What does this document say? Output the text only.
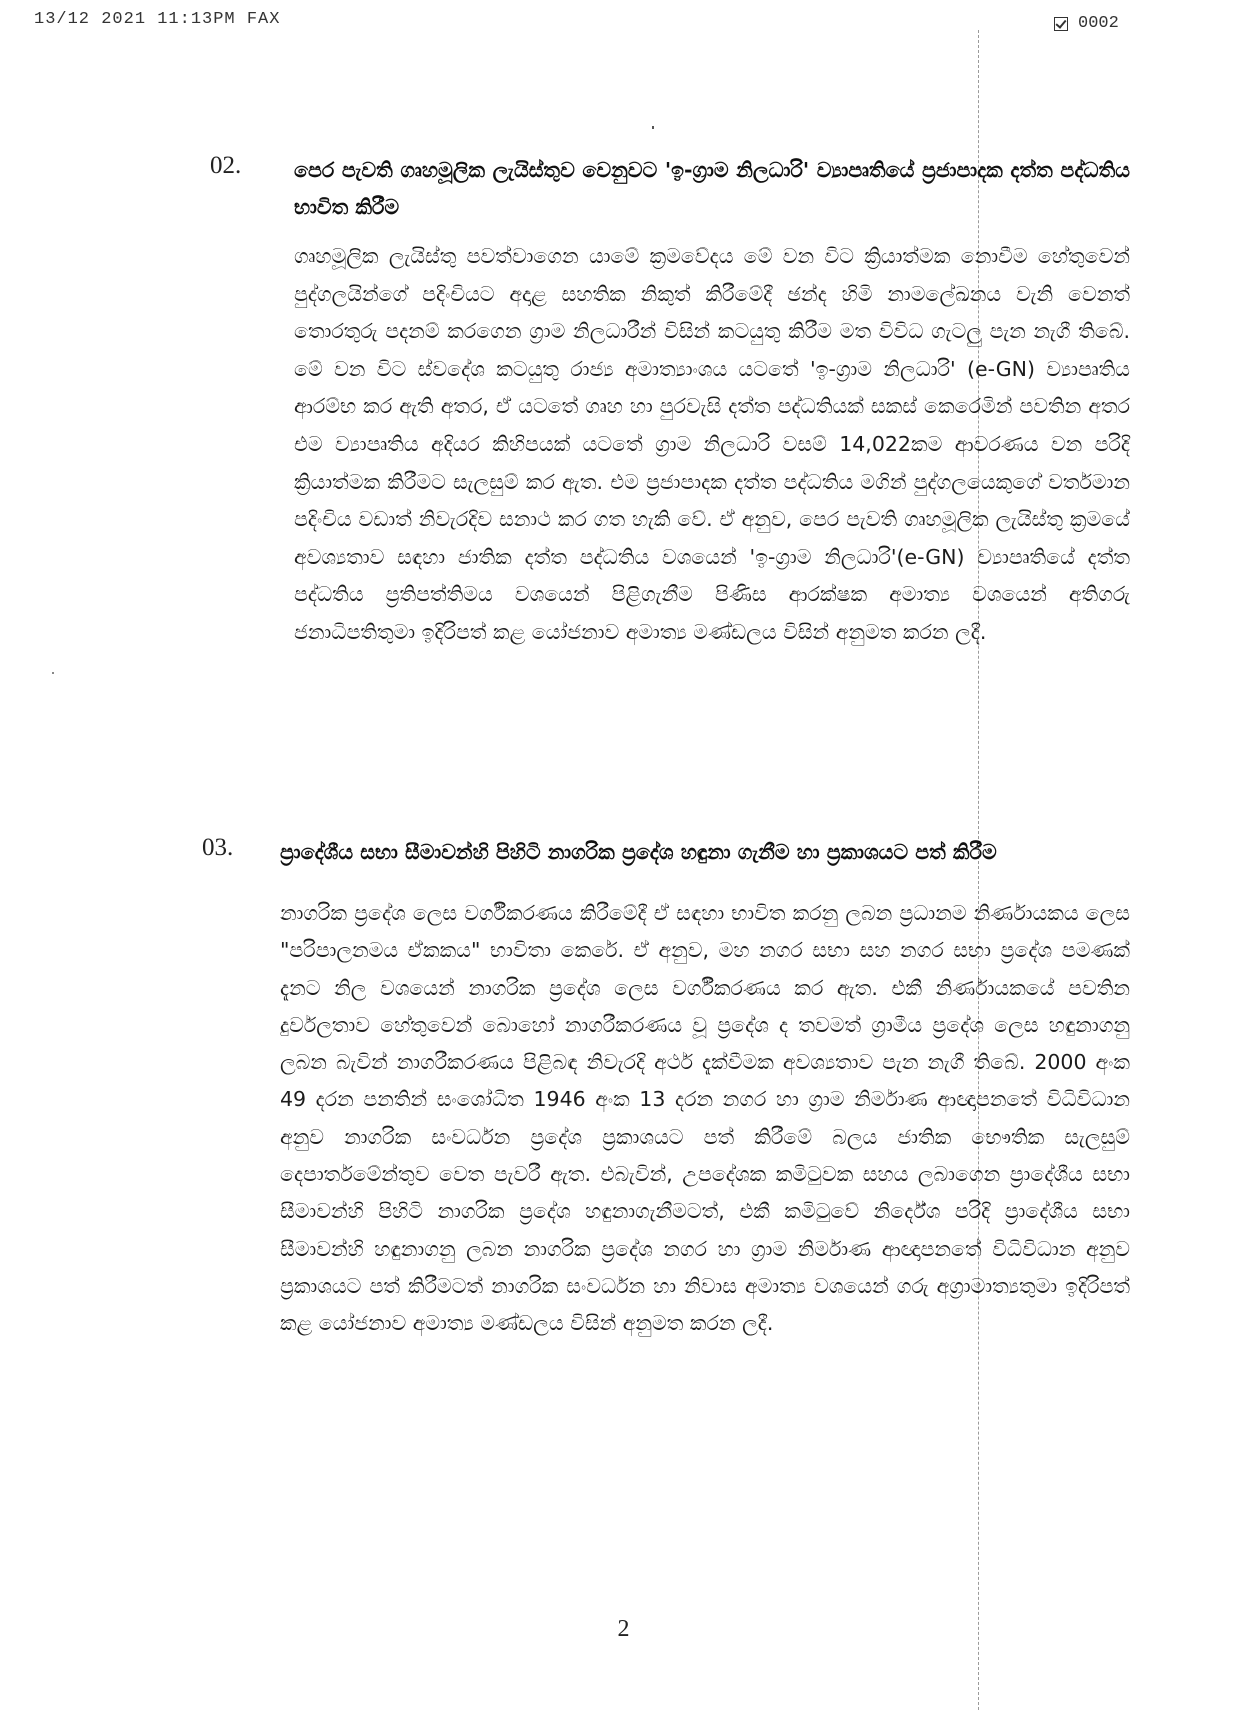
13/12 2021 11:13PM FAX	0002
02.	පෙර පැවති ගෘහමූලික ලැයිස්තුව වෙනුවට 'ඉ-ග්‍රාම නිලධාරි' ව්‍යාපෘතියේ ප්‍රජාපාදක දත්ත පද්ධතිය භාවිත කිරීම
ගෘහමූලික ලැයිස්තු පවත්වාගෙන යාමේ ක්‍රමවේදය මේ වන විට ක්‍රියාත්මක නොවීම හේතුවෙන් පුද්ගලයින්ගේ පදිංචියට අදාළ සහතික නිකුත් කිරීමේදී ඡන්ද හිමි නාමලේඛනය වැනි වෙනත් තොරතුරු පදනම් කරගෙන ග්‍රාම නිලධාරීන් විසින් කටයුතු කිරීම මත විවිධ ගැටලු පැන නැගී තිබේ. මේ වන විට ස්වදේශ කටයුතු රාජ්‍ය අමාත්‍යාංශය යටතේ 'ඉ-ග්‍රාම නිලධාරි' (e-GN) ව්‍යාපෘතිය ආරම්භ කර ඇති අතර, ඒ යටතේ ගෘහ හා පුරවැසි දත්ත පද්ධතියක් සකස් කෙරෙමින් පවතින අතර එම ව්‍යාපෘතිය අදියර කිහිපයක් යටතේ ග්‍රාම නිලධාරි වසම් 14,022කම ආවරණය වන පරිදි ක්‍රියාත්මක කිරීමට සැලසුම් කර ඇත. එම ප්‍රජාපාදක දත්ත පද්ධතිය මගින් පුද්ගලයෙකුගේ වර්තමාන පදිංචිය වඩාත් නිවැරදිව සනාථ කර ගත හැකි වේ. ඒ අනුව, පෙර පැවති ගෘහමූලික ලැයිස්තු ක්‍රමයේ අවශ්‍යතාව සඳහා ජාතික දත්ත පද්ධතිය වශයෙන් 'ඉ-ග්‍රාම නිලධාරි'(e-GN) ව්‍යාපෘතියේ දත්ත පද්ධතිය ප්‍රතිපත්තිමය වශයෙන් පිළිගැනීම පිණිස ආරක්ෂක අමාත්‍ය වශයෙන් අතිගරු ජනාධිපතිතුමා ඉදිරිපත් කළ යෝජනාව අමාත්‍ය මණ්ඩලය විසින් අනුමත කරන ලදී.
03. ප්‍රාදේශීය සභා සීමාවන්හි පිහිටි නාගරික ප්‍රදේශ හඳුනා ගැනීම හා ප්‍රකාශයට පත් කිරීම
නාගරික ප්‍රදේශ ලෙස වර්ගීකරණය කිරීමේදී ඒ සඳහා භාවිත කරනු ලබන ප්‍රධානම නිර්ණායකය ලෙස "පරිපාලනමය ඒකකය" භාවිතා කෙරේ. ඒ අනුව, මහ නගර සභා සහ නගර සභා ප්‍රදේශ පමණක් දැනට නිල වශයෙන් නාගරික ප්‍රදේශ ලෙස වර්ගීකරණය කර ඇත. එකී නිර්ණායකයේ පවතින දුර්වලතාව හේතුවෙන් බොහෝ නාගරීකරණය වූ ප්‍රදේශ ද තවමත් ග්‍රාමීය ප්‍රදේශ ලෙස හඳුනාගනු ලබන බැවින් නාගරීකරණය පිළිබඳ නිවැරදි අර්ථ දැක්වීමක අවශ්‍යතාව පැන නැගී තිබේ. 2000 අංක 49 දරන පනතින් සංශෝධිත 1946 අංක 13 දරන නගර හා ග්‍රාම නිර්මාණ ආඥාපනතේ විධිවිධාන අනුව නාගරික සංවර්ධන ප්‍රදේශ ප්‍රකාශයට පත් කිරීමේ බලය ජාතික භෞතික සැලසුම් දෙපාර්තමේන්තුව වෙත පැවරී ඇත. එබැවින්, උපදේශක කමිටුවක සහය ලබාගෙන ප්‍රාදේශීය සභා සීමාවන්හි පිහිටි නාගරික ප්‍රදේශ හඳුනාගැනීමටත්, එකී කමිටුවේ නිර්දේශ පරිදි ප්‍රාදේශීය සභා සීමාවන්හි හඳුනාගනු ලබන නාගරික ප්‍රදේශ නගර හා ග්‍රාම නිර්මාණ ආඥාපනතේ විධිවිධාන අනුව ප්‍රකාශයට පත් කිරීමටත් නාගරික සංවර්ධන හා නිවාස අමාත්‍ය වශයෙන් ගරු අග්‍රාමාත්‍යතුමා ඉදිරිපත් කළ යෝජනාව අමාත්‍ය මණ්ඩලය විසින් අනුමත කරන ලදී.
2
